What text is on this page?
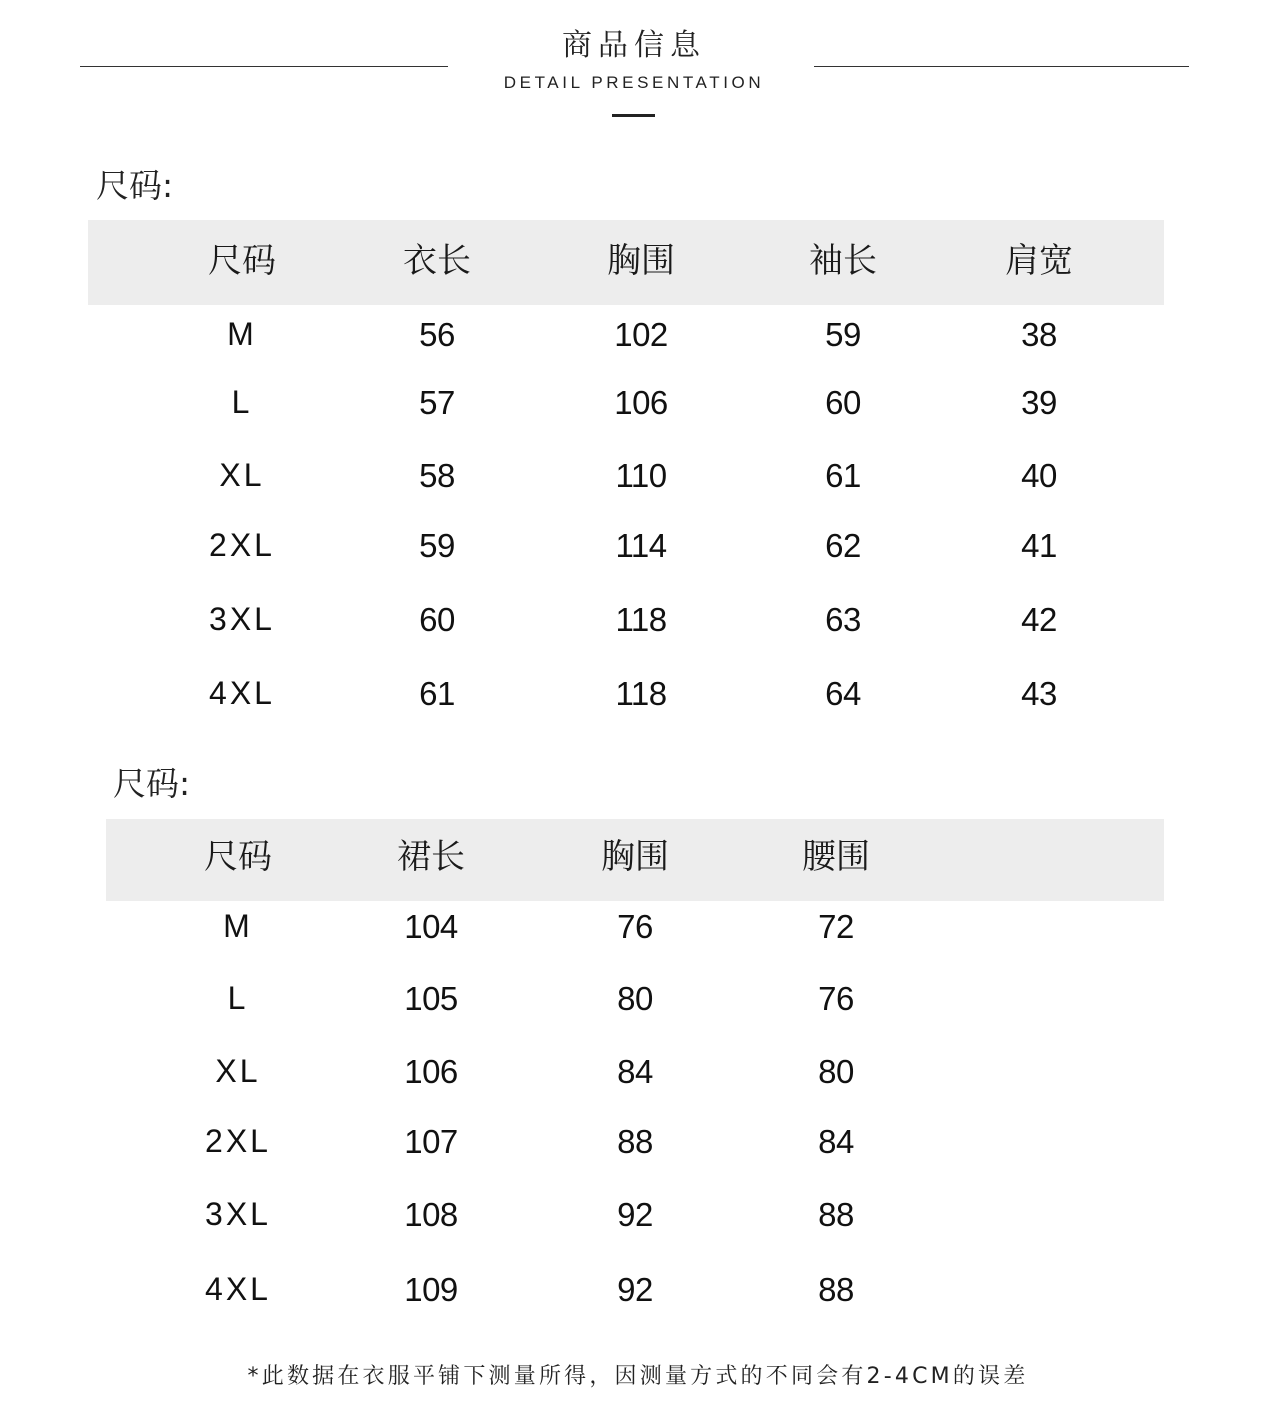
商品信息
DETAIL PRESENTATION
尺码:
尺码	衣长	胸围	袖长	肩宽
M	56	102	59	38
L	57	106	60	39
XL	58	110	61	40
2XL	59	114	62	41
3XL	60	118	63	42
4XL	61	118	64	43
尺码:
尺码	裙长	胸围	腰围
M	104	76	72
L	105	80	76
XL	106	84	80
2XL	107	88	84
3XL	108	92	88
4XL	109	92	88
*此数据在衣服平铺下测量所得，因测量方式的不同会有2-4CM的误差
